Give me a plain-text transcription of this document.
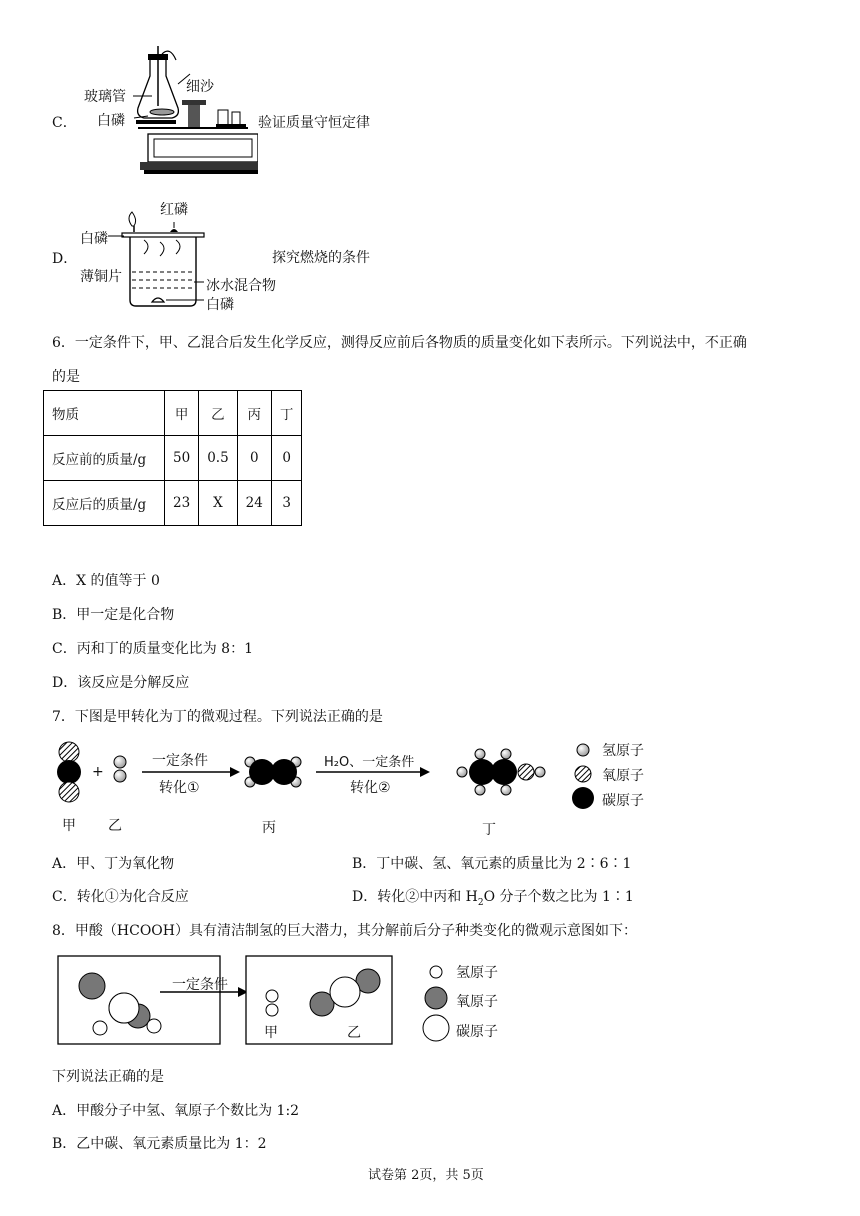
C．
玻璃管
细沙
白磷	验证质量守恒定律
D．
红磷
白磷
薄铜片
冰水混合物
白磷
探究燃烧的条件
6．一定条件下，甲、乙混合后发生化学反应，测得反应前后各物质的质量变化如下表所示。下列说法中，不正确
的是
物质	甲	乙	丙	丁
反应前的质量/g	50	0.5	0	0
反应后的质量/g	23	X	24	3
A．X 的值等于 0
B．甲一定是化合物
C．丙和丁的质量变化比为 8：1
D．该反应是分解反应
7．下图是甲转化为丁的微观过程。下列说法正确的是
+
一定条件
转化①
H₂O、一定条件
转化②
甲 乙	丙	丁
氢原子
氧原子
碳原子
A．甲、丁为氧化物	B．丁中碳、氢、氧元素的质量比为 2∶6∶1
C．转化①为化合反应	D．转化②中丙和 $H_2O$ 分子个数之比为 1∶1
8．甲酸（HCOOH）具有清洁制氢的巨大潜力，其分解前后分子种类变化的微观示意图如下：
一定条件
甲	乙
氢原子
氧原子
碳原子
下列说法正确的是
A．甲酸分子中氢、氧原子个数比为 1:2
B．乙中碳、氧元素质量比为 1：2
试卷第 2页，共 5页
